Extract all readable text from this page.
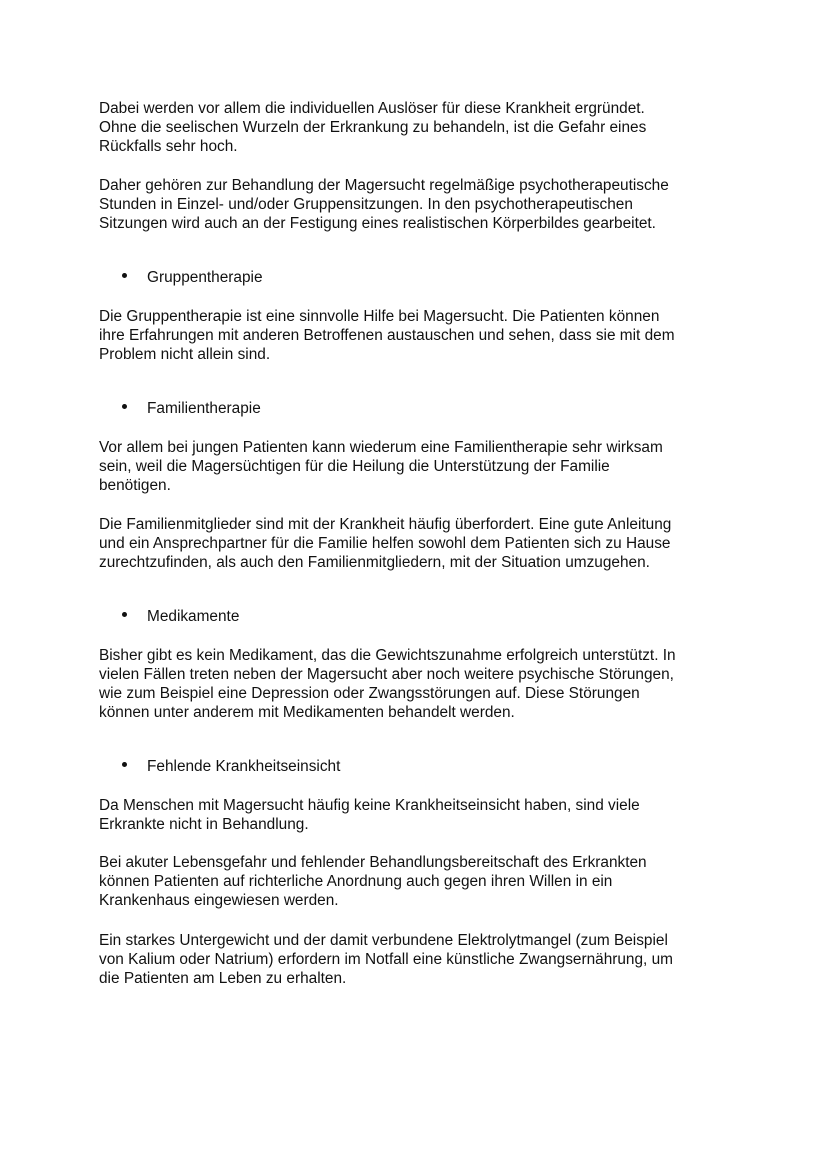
Dabei werden vor allem die individuellen Auslöser für diese Krankheit ergründet.
Ohne die seelischen Wurzeln der Erkrankung zu behandeln, ist die Gefahr eines
Rückfalls sehr hoch.

Daher gehören zur Behandlung der Magersucht regelmäßige psychotherapeutische
Stunden in Einzel- und/oder Gruppensitzungen. In den psychotherapeutischen
Sitzungen wird auch an der Festigung eines realistischen Körperbildes gearbeitet.

Gruppentherapie

Die Gruppentherapie ist eine sinnvolle Hilfe bei Magersucht. Die Patienten können
ihre Erfahrungen mit anderen Betroffenen austauschen und sehen, dass sie mit dem
Problem nicht allein sind.

Familientherapie

Vor allem bei jungen Patienten kann wiederum eine Familientherapie sehr wirksam
sein, weil die Magersüchtigen für die Heilung die Unterstützung der Familie
benötigen.

Die Familienmitglieder sind mit der Krankheit häufig überfordert. Eine gute Anleitung
und ein Ansprechpartner für die Familie helfen sowohl dem Patienten sich zu Hause
zurechtzufinden, als auch den Familienmitgliedern, mit der Situation umzugehen.

Medikamente

Bisher gibt es kein Medikament, das die Gewichtszunahme erfolgreich unterstützt. In
vielen Fällen treten neben der Magersucht aber noch weitere psychische Störungen,
wie zum Beispiel eine Depression oder Zwangsstörungen auf. Diese Störungen
können unter anderem mit Medikamenten behandelt werden.

Fehlende Krankheitseinsicht

Da Menschen mit Magersucht häufig keine Krankheitseinsicht haben, sind viele
Erkrankte nicht in Behandlung.

Bei akuter Lebensgefahr und fehlender Behandlungsbereitschaft des Erkrankten
können Patienten auf richterliche Anordnung auch gegen ihren Willen in ein
Krankenhaus eingewiesen werden.

Ein starkes Untergewicht und der damit verbundene Elektrolytmangel (zum Beispiel
von Kalium oder Natrium) erfordern im Notfall eine künstliche Zwangsernährung, um
die Patienten am Leben zu erhalten.
